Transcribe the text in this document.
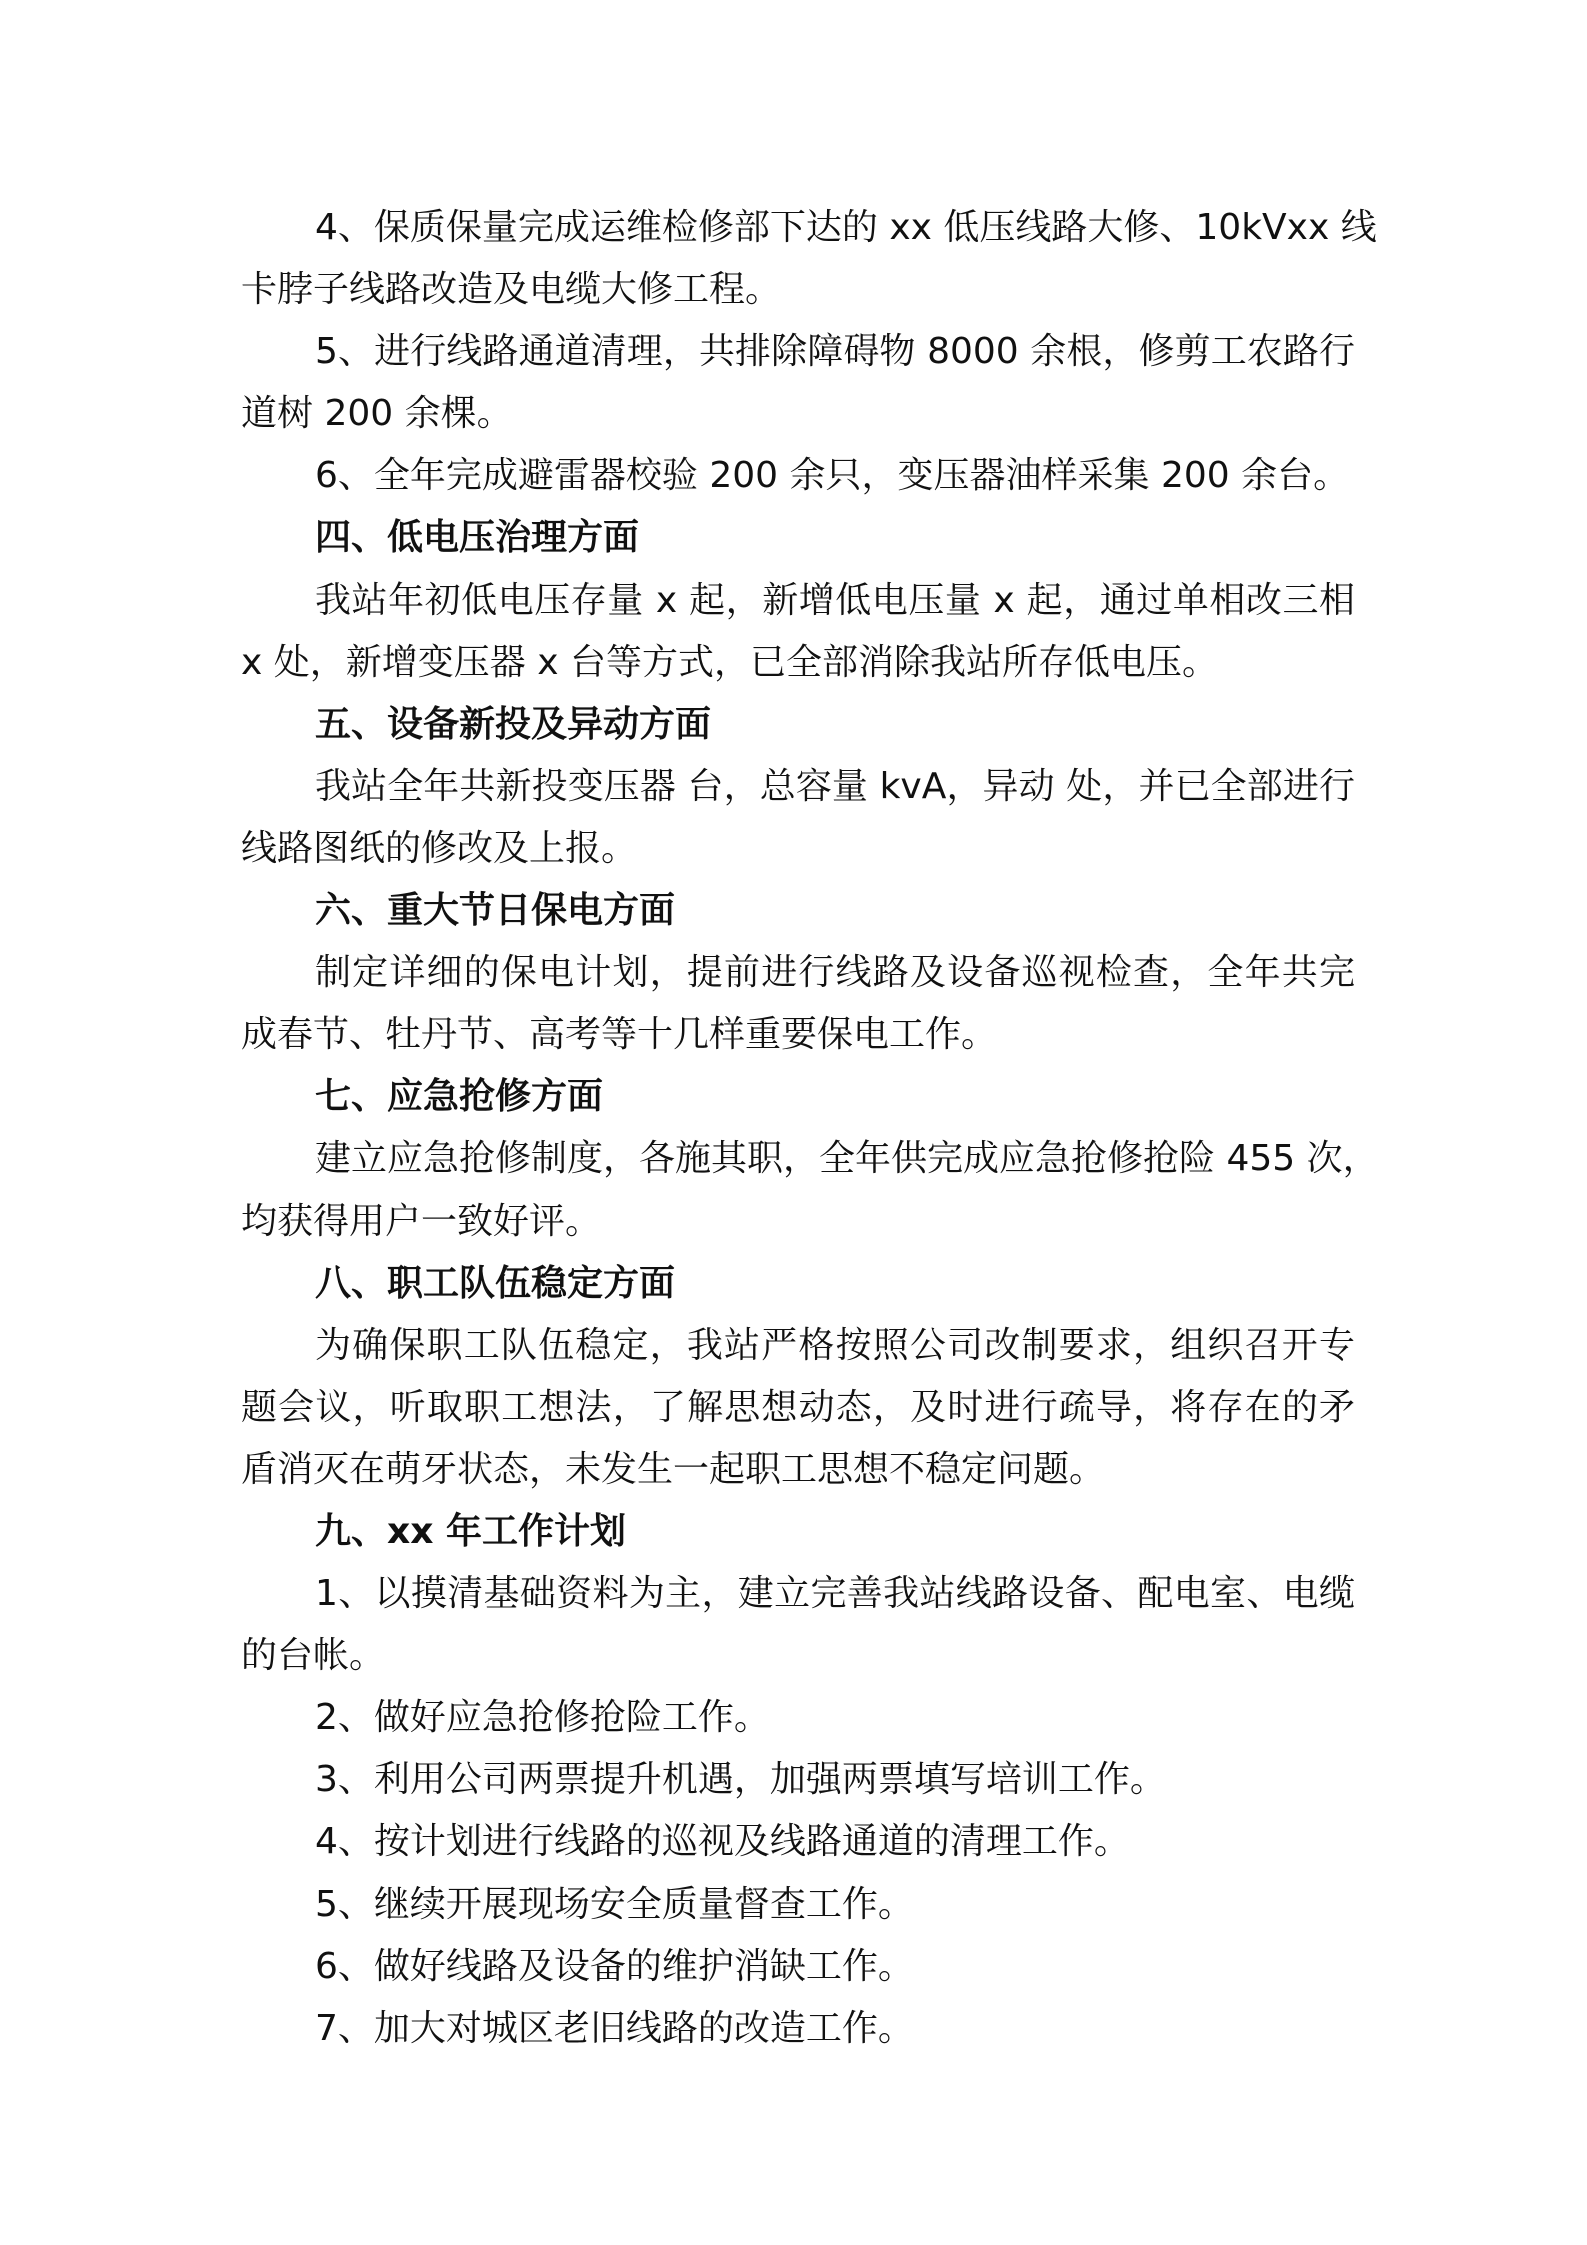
4、保质保量完成运维检修部下达的 xx 低压线路大修、10kVxx 线
卡脖子线路改造及电缆大修工程。
5、进行线路通道清理，共排除障碍物 8000 余根，修剪工农路行
道树 200 余棵。
6、全年完成避雷器校验 200 余只，变压器油样采集 200 余台。
四、低电压治理方面
我站年初低电压存量 x 起，新增低电压量 x 起，通过单相改三相
x 处，新增变压器 x 台等方式，已全部消除我站所存低电压。
五、设备新投及异动方面
我站全年共新投变压器 台，总容量 kvA，异动 处，并已全部进行
线路图纸的修改及上报。
六、重大节日保电方面
制定详细的保电计划，提前进行线路及设备巡视检查，全年共完
成春节、牡丹节、高考等十几样重要保电工作。
七、应急抢修方面
建立应急抢修制度，各施其职，全年供完成应急抢修抢险 455 次，
均获得用户一致好评。
八、职工队伍稳定方面
为确保职工队伍稳定，我站严格按照公司改制要求，组织召开专
题会议，听取职工想法，了解思想动态，及时进行疏导，将存在的矛
盾消灭在萌牙状态，未发生一起职工思想不稳定问题。
九、xx 年工作计划
1、以摸清基础资料为主，建立完善我站线路设备、配电室、电缆
的台帐。
2、做好应急抢修抢险工作。
3、利用公司两票提升机遇，加强两票填写培训工作。
4、按计划进行线路的巡视及线路通道的清理工作。
5、继续开展现场安全质量督查工作。
6、做好线路及设备的维护消缺工作。
7、加大对城区老旧线路的改造工作。
